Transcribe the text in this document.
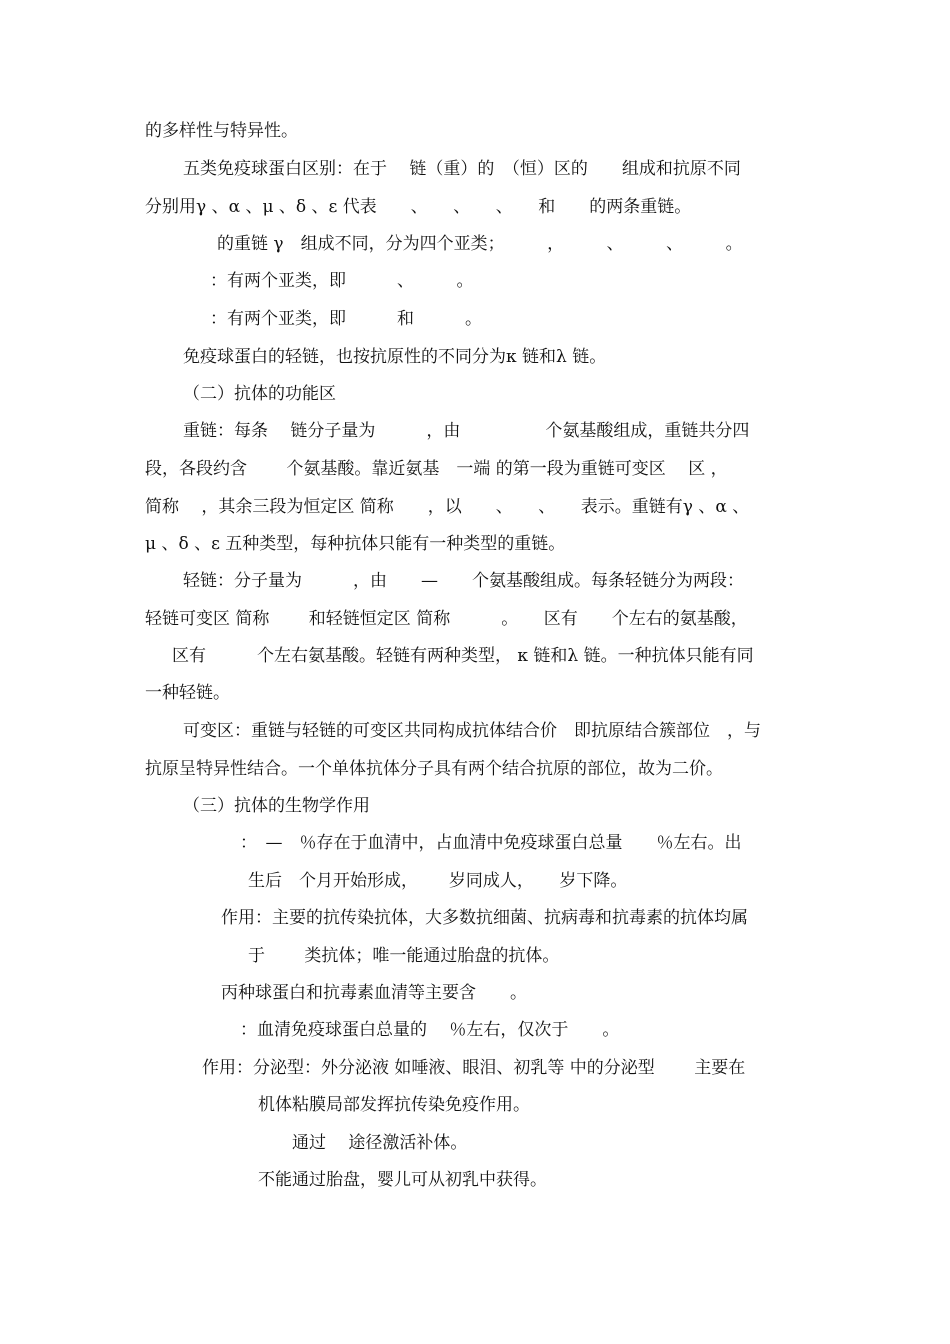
的多样性与特异性。
五类免疫球蛋白区别：在于　 链（重）的　（恒）区的　　组成和抗原不同
分别用γ 、α 、μ 、δ 、ε 代表　　、　　、　　、　　和　　的两条重链。
的重链 γ　组成不同，分为四个亚类；　　　，　　　、　　　、　　　。
：有两个亚类，即　　　、　　　。
：有两个亚类，即　　　和　　　。
免疫球蛋白的轻链，也按抗原性的不同分为κ 链和λ 链。
（二）抗体的功能区
重链：每条　 链分子量为　　　，由　　　　　个氨基酸组成，重链共分四
段，各段约含　　 个氨基酸。靠近氨基　一端 的第一段为重链可变区　 区 ，
简称　 ，其余三段为恒定区 简称　　，以　　、　　、　　表示。重链有γ 、α 、
μ 、δ 、ε 五种类型，每种抗体只能有一种类型的重链。
轻链：分子量为　　　，由　　—　　个氨基酸组成。每条轻链分为两段：
轻链可变区 简称　　 和轻链恒定区 简称　　　。　　区有　　个左右的氨基酸，
区有　　　个左右氨基酸。轻链有两种类型， κ 链和λ 链。一种抗体只能有同
一种轻链。
可变区：重链与轻链的可变区共同构成抗体结合价　即抗原结合簇部位　，与
抗原呈特异性结合。一个单体抗体分子具有两个结合抗原的部位，故为二价。
（三）抗体的生物学作用
：　—　％存在于血清中，占血清中免疫球蛋白总量　　％左右。出
生后　个月开始形成，　　 岁同成人，　　岁下降。
作用：主要的抗传染抗体，大多数抗细菌、抗病毒和抗毒素的抗体均属
于　　 类抗体；唯一能通过胎盘的抗体。
丙种球蛋白和抗毒素血清等主要含　　。
：血清免疫球蛋白总量的　 ％左右，仅次于　　。
作用：分泌型：外分泌液 如唾液、眼泪、初乳等 中的分泌型　　 主要在
机体粘膜局部发挥抗传染免疫作用。
通过　 途径激活补体。
不能通过胎盘，婴儿可从初乳中获得。
